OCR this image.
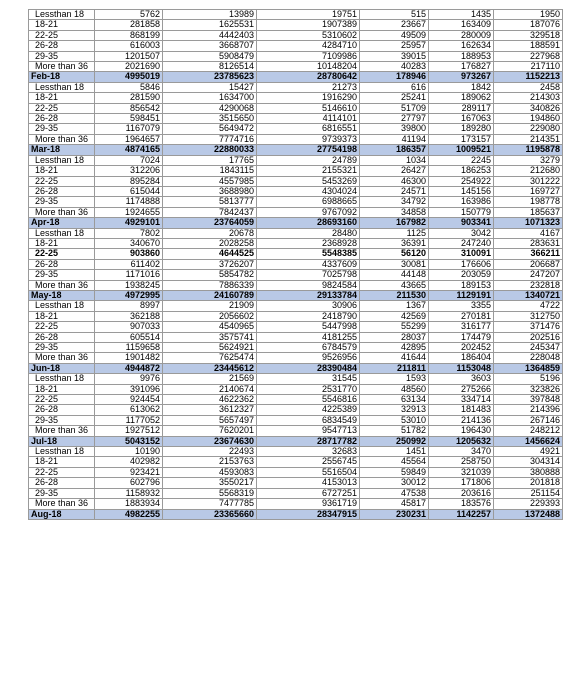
Lessthan 18	5762	13989	19751	515	1435	1950
18-21	281858	1625531	1907389	23667	163409	187076
22-25	868199	4442403	5310602	49509	280009	329518
26-28	616003	3668707	4284710	25957	162634	188591
29-35	1201507	5908479	7109986	39015	188953	227968
More than 36	2021690	8126514	10148204	40283	176827	217110
Feb-18	4995019	23785623	28780642	178946	973267	1152213
Lessthan 18	5846	15427	21273	616	1842	2458
18-21	281590	1634700	1916290	25241	189062	214303
22-25	856542	4290068	5146610	51709	289117	340826
26-28	598451	3515650	4114101	27797	167063	194860
29-35	1167079	5649472	6816551	39800	189280	229080
More than 36	1964657	7774716	9739373	41194	173157	214351
Mar-18	4874165	22880033	27754198	186357	1009521	1195878
Lessthan 18	7024	17765	24789	1034	2245	3279
18-21	312206	1843115	2155321	26427	186253	212680
22-25	895284	4557985	5453269	46300	254922	301222
26-28	615044	3688980	4304024	24571	145156	169727
29-35	1174888	5813777	6988665	34792	163986	198778
More than 36	1924655	7842437	9767092	34858	150779	185637
Apr-18	4929101	23764059	28693160	167982	903341	1071323
Lessthan 18	7802	20678	28480	1125	3042	4167
18-21	340670	2028258	2368928	36391	247240	283631
22-25	903860	4644525	5548385	56120	310091	366211
26-28	611402	3726207	4337609	30081	176606	206687
29-35	1171016	5854782	7025798	44148	203059	247207
More than 36	1938245	7886339	9824584	43665	189153	232818
May-18	4972995	24160789	29133784	211530	1129191	1340721
Lessthan 18	8997	21909	30906	1367	3355	4722
18-21	362188	2056602	2418790	42569	270181	312750
22-25	907033	4540965	5447998	55299	316177	371476
26-28	605514	3575741	4181255	28037	174479	202516
29-35	1159658	5624921	6784579	42895	202452	245347
More than 36	1901482	7625474	9526956	41644	186404	228048
Jun-18	4944872	23445612	28390484	211811	1153048	1364859
Lessthan 18	9976	21569	31545	1593	3603	5196
18-21	391096	2140674	2531770	48560	275266	323826
22-25	924454	4622362	5546816	63134	334714	397848
26-28	613062	3612327	4225389	32913	181483	214396
29-35	1177052	5657497	6834549	53010	214136	267146
More than 36	1927512	7620201	9547713	51782	196430	248212
Jul-18	5043152	23674630	28717782	250992	1205632	1456624
Lessthan 18	10190	22493	32683	1451	3470	4921
18-21	402982	2153763	2556745	45564	258750	304314
22-25	923421	4593083	5516504	59849	321039	380888
26-28	602796	3550217	4153013	30012	171806	201818
29-35	1158932	5568319	6727251	47538	203616	251154
More than 36	1883934	7477785	9361719	45817	183576	229393
Aug-18	4982255	23365660	28347915	230231	1142257	1372488
